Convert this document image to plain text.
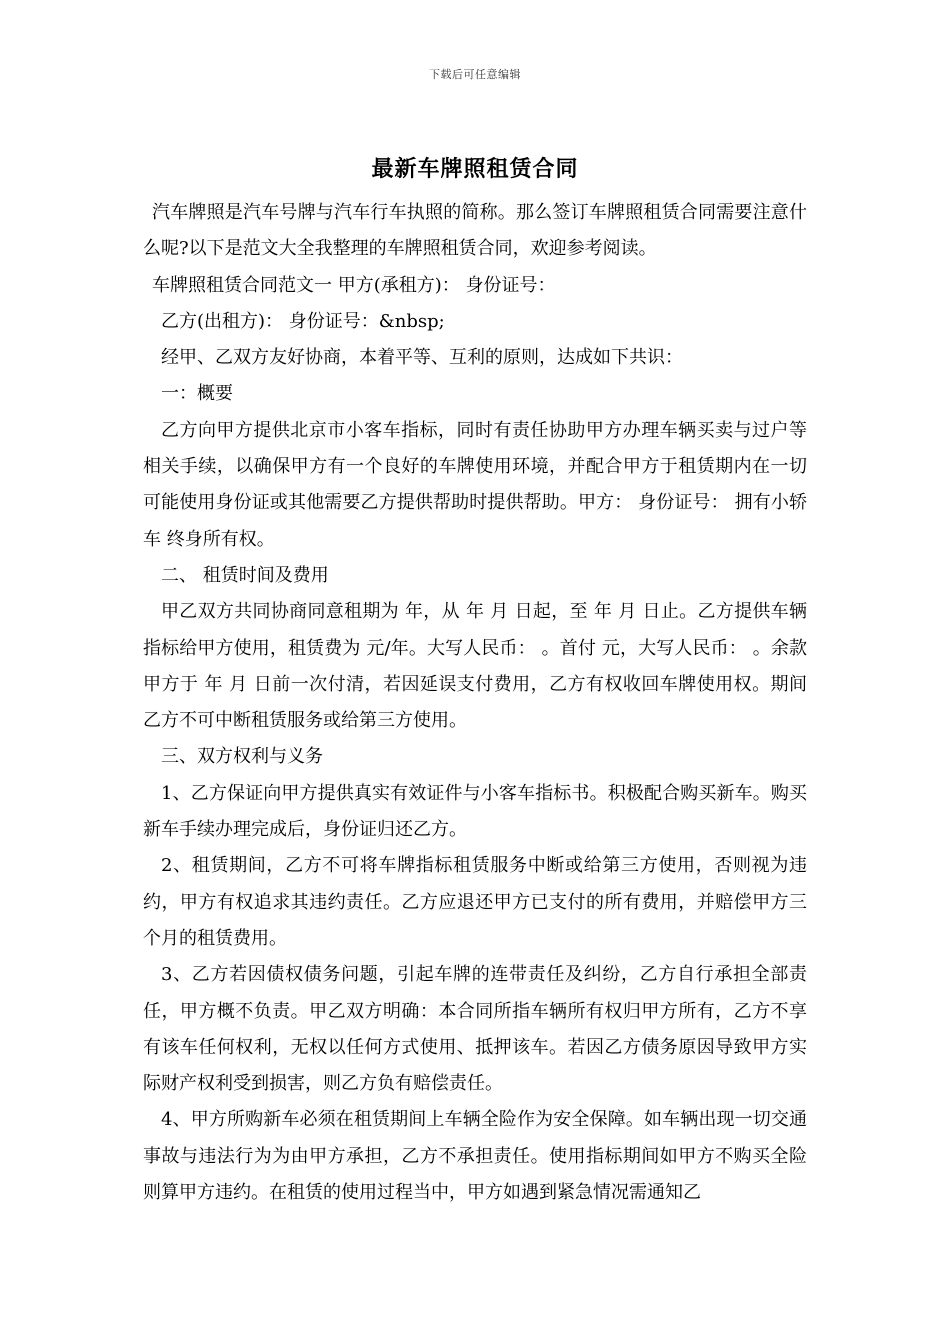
下载后可任意编辑
最新车牌照租赁合同

汽车牌照是汽车号牌与汽车行车执照的简称。那么签订车牌照租赁合同需要注意什么呢?以下是范文大全我整理的车牌照租赁合同，欢迎参考阅读。

车牌照租赁合同范文一 甲方(承租方)： 身份证号：

乙方(出租方)： 身份证号：&nbsp;

经甲、乙双方友好协商，本着平等、互利的原则，达成如下共识：

一：概要

乙方向甲方提供北京市小客车指标，同时有责任协助甲方办理车辆买卖与过户等相关手续，以确保甲方有一个良好的车牌使用环境，并配合甲方于租赁期内在一切可能使用身份证或其他需要乙方提供帮助时提供帮助。甲方： 身份证号： 拥有小轿车 终身所有权。

二、 租赁时间及费用

甲乙双方共同协商同意租期为 年，从 年 月 日起，至 年 月 日止。乙方提供车辆指标给甲方使用，租赁费为 元/年。大写人民币： 。首付 元，大写人民币： 。余款甲方于 年 月 日前一次付清，若因延误支付费用，乙方有权收回车牌使用权。期间乙方不可中断租赁服务或给第三方使用。

三、双方权利与义务

1、乙方保证向甲方提供真实有效证件与小客车指标书。积极配合购买新车。购买新车手续办理完成后，身份证归还乙方。

2、租赁期间，乙方不可将车牌指标租赁服务中断或给第三方使用，否则视为违约，甲方有权追求其违约责任。乙方应退还甲方已支付的所有费用，并赔偿甲方三个月的租赁费用。

3、乙方若因债权债务问题，引起车牌的连带责任及纠纷，乙方自行承担全部责任，甲方概不负责。甲乙双方明确：本合同所指车辆所有权归甲方所有，乙方不享有该车任何权利，无权以任何方式使用、抵押该车。若因乙方债务原因导致甲方实际财产权利受到损害，则乙方负有赔偿责任。

4、甲方所购新车必须在租赁期间上车辆全险作为安全保障。如车辆出现一切交通事故与违法行为为由甲方承担，乙方不承担责任。使用指标期间如甲方不购买全险则算甲方违约。在租赁的使用过程当中，甲方如遇到紧急情况需通知乙
